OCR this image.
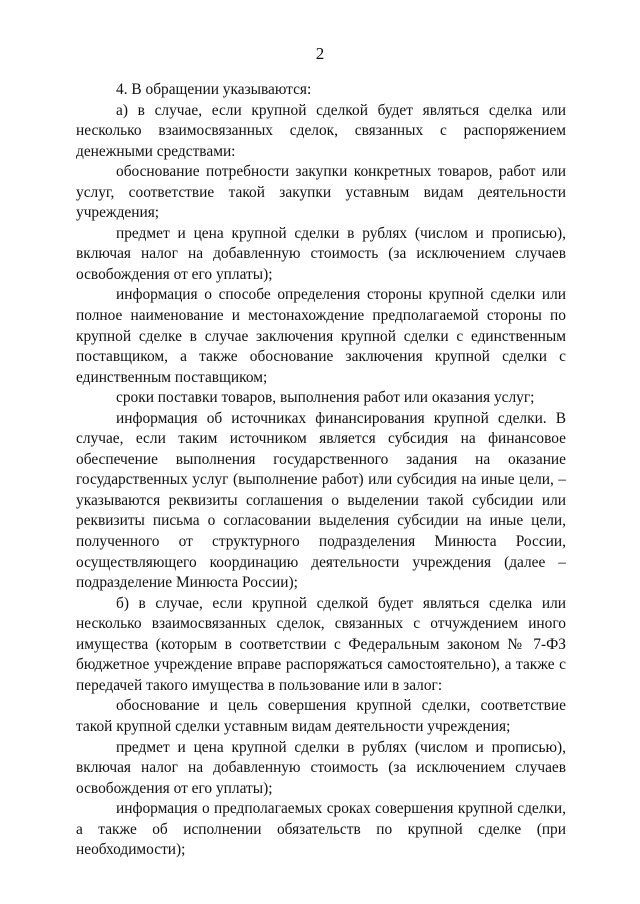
2

4. В обращении указываются:

а) в случае, если крупной сделкой будет являться сделка или несколько взаимосвязанных сделок, связанных с распоряжением денежными средствами:

обоснование потребности закупки конкретных товаров, работ или услуг, соответствие такой закупки уставным видам деятельности учреждения;

предмет и цена крупной сделки в рублях (числом и прописью), включая налог на добавленную стоимость (за исключением случаев освобождения от его уплаты);

информация о способе определения стороны крупной сделки или полное наименование и местонахождение предполагаемой стороны по крупной сделке в случае заключения крупной сделки с единственным поставщиком, а также обоснование заключения крупной сделки с единственным поставщиком;

сроки поставки товаров, выполнения работ или оказания услуг;

информация об источниках финансирования крупной сделки. В случае, если таким источником является субсидия на финансовое обеспечение выполнения государственного задания на оказание государственных услуг (выполнение работ) или субсидия на иные цели, – указываются реквизиты соглашения о выделении такой субсидии или реквизиты письма о согласовании выделения субсидии на иные цели, полученного от структурного подразделения Минюста России, осуществляющего координацию деятельности учреждения (далее – подразделение Минюста России);

б) в случае, если крупной сделкой будет являться сделка или несколько взаимосвязанных сделок, связанных с отчуждением иного имущества (которым в соответствии с Федеральным законом № 7-ФЗ бюджетное учреждение вправе распоряжаться самостоятельно), а также с передачей такого имущества в пользование или в залог:

обоснование и цель совершения крупной сделки, соответствие такой крупной сделки уставным видам деятельности учреждения;

предмет и цена крупной сделки в рублях (числом и прописью), включая налог на добавленную стоимость (за исключением случаев освобождения от его уплаты);

информация о предполагаемых сроках совершения крупной сделки, а также об исполнении обязательств по крупной сделке (при необходимости);
